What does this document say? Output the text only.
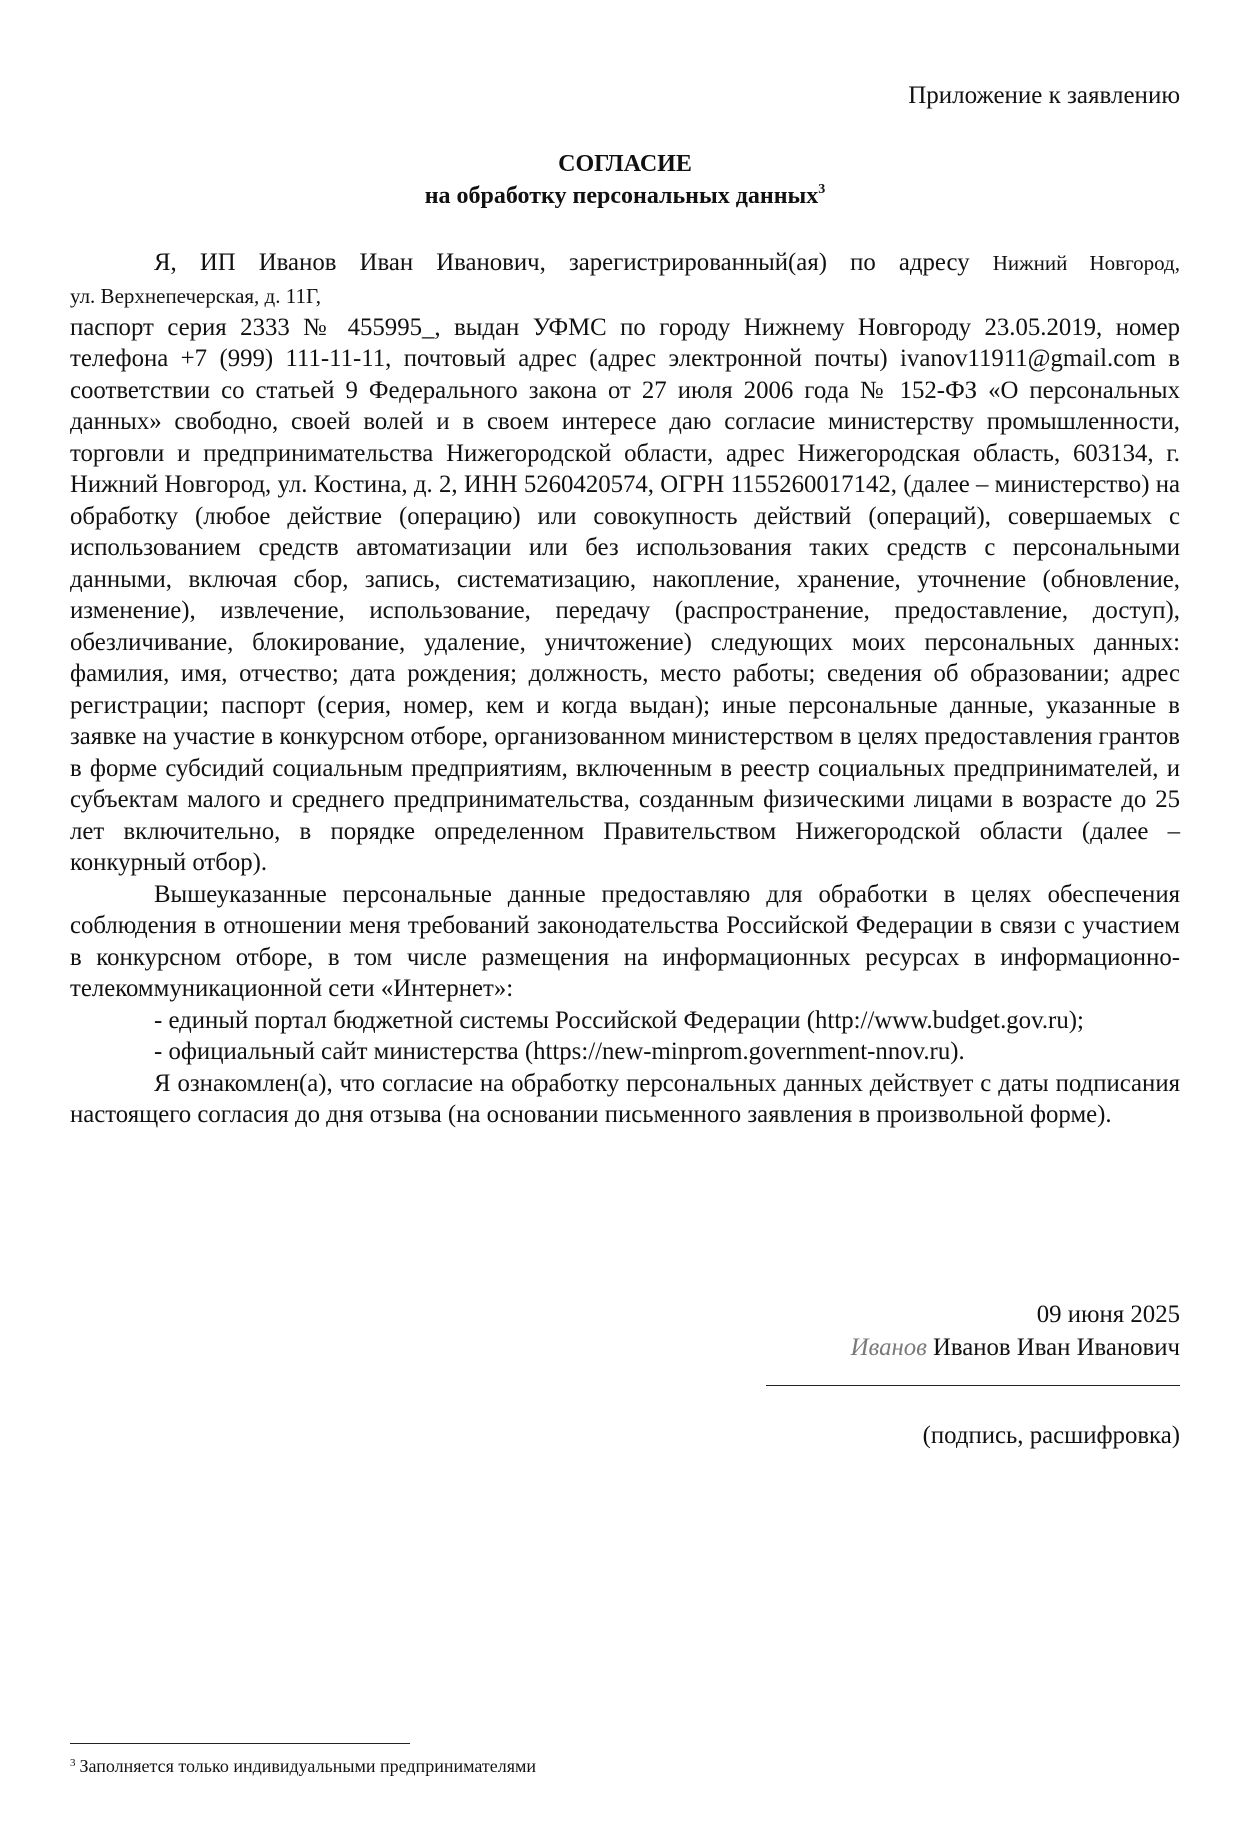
Приложение к заявлению
СОГЛАСИЕ
на обработку персональных данных$^3$

Я, ИП Иванов Иван Иванович, зарегистрированный(ая) по адресу Нижний Новгород,

ул. Верхнепечерская, д. 11Г,

паспорт серия 2333 № 455995_, выдан УФМС по городу Нижнему Новгороду 23.05.2019, номер телефона +7 (999) 111-11-11, почтовый адрес (адрес электронной почты) ivanov11911@gmail.com в соответствии со статьей 9 Федерального закона от 27 июля 2006 года № 152-ФЗ «О персональных данных» свободно, своей волей и в своем интересе даю согласие министерству промышленности, торговли и предпринимательства Нижегородской области, адрес Нижегородская область, 603134, г. Нижний Новгород, ул. Костина, д. 2, ИНН 5260420574, ОГРН 1155260017142, (далее – министерство) на обработку (любое действие (операцию) или совокупность действий (операций), совершаемых с использованием средств автоматизации или без использования таких средств с персональными данными, включая сбор, запись, систематизацию, накопление, хранение, уточнение (обновление, изменение), извлечение, использование, передачу (распространение, предоставление, доступ), обезличивание, блокирование, удаление, уничтожение) следующих моих персональных данных: фамилия, имя, отчество; дата рождения; должность, место работы; сведения об образовании; адрес регистрации; паспорт (серия, номер, кем и когда выдан); иные персональные данные, указанные в заявке на участие в конкурсном отборе, организованном министерством в целях предоставления грантов в форме субсидий социальным предприятиям, включенным в реестр социальных предпринимателей, и субъектам малого и среднего предпринимательства, созданным физическими лицами в возрасте до 25 лет включительно, в порядке определенном Правительством Нижегородской области (далее – конкурный отбор).

Вышеуказанные персональные данные предоставляю для обработки в целях обеспечения соблюдения в отношении меня требований законодательства Российской Федерации в связи с участием в конкурсном отборе, в том числе размещения на информационных ресурсах в информационно-телекоммуникационной сети «Интернет»:

- единый портал бюджетной системы Российской Федерации (http://www.budget.gov.ru);

- официальный сайт министерства (https://new-minprom.government-nnov.ru).

Я ознакомлен(а), что согласие на обработку персональных данных действует с даты подписания настоящего согласия до дня отзыва (на основании письменного заявления в произвольной форме).

09 июня 2025
Иванов Иванов Иван Иванович
(подпись, расшифровка)
$^3$ Заполняется только индивидуальными предпринимателями
